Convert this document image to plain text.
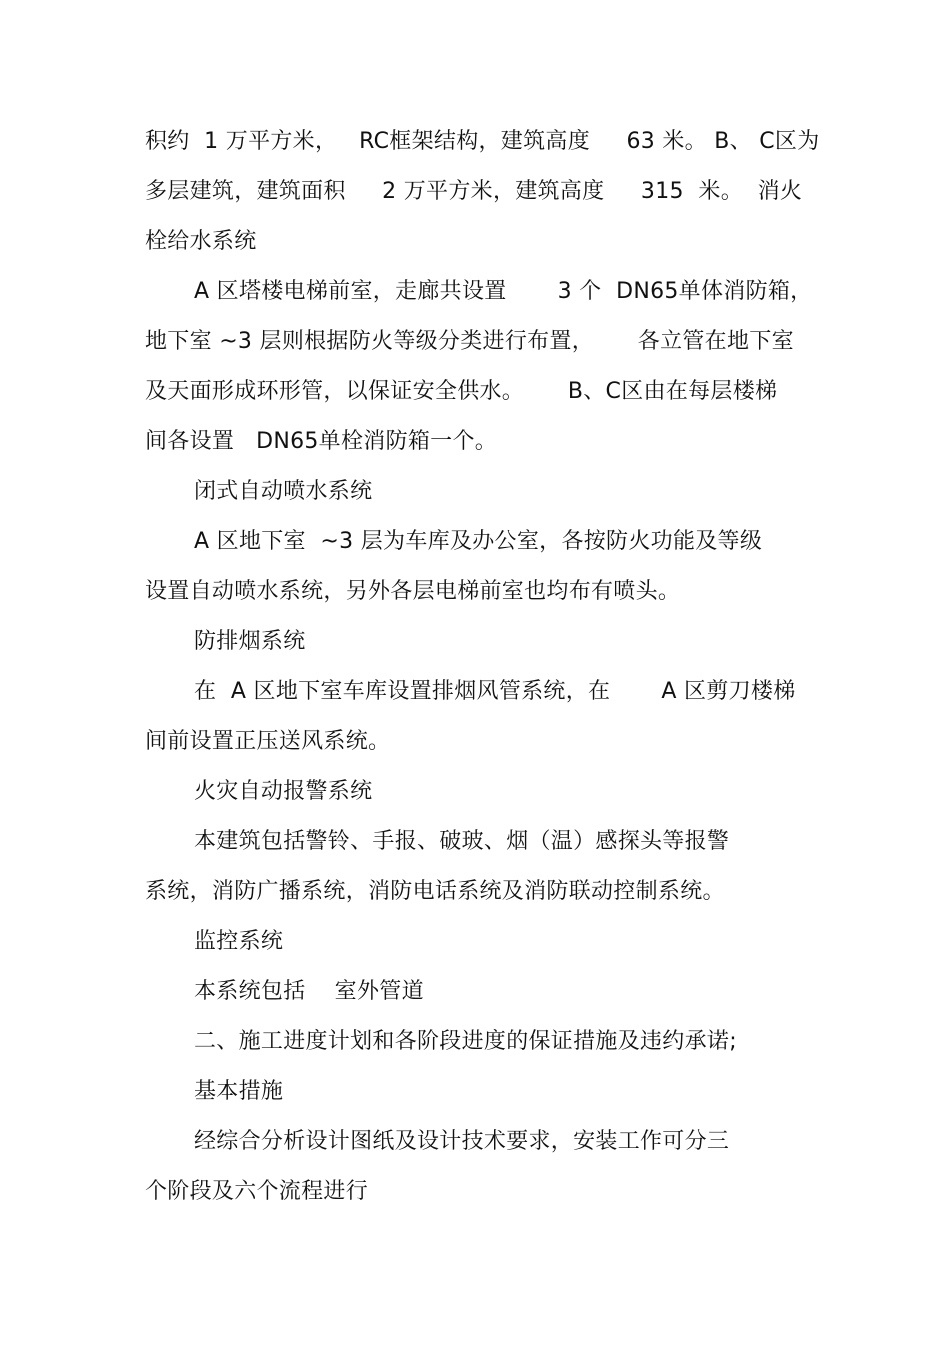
积约  1 万平方米，   RC框架结构，建筑高度     63 米。 B、 C区为
多层建筑，建筑面积     2 万平方米，建筑高度     315  米。  消火
栓给水系统
A 区塔楼电梯前室，走廊共设置       3 个  DN65单体消防箱，
地下室 ~3 层则根据防火等级分类进行布置，      各立管在地下室
及天面形成环形管，以保证安全供水。      B、C区由在每层楼梯
间各设置   DN65单栓消防箱一个。
闭式自动喷水系统
A 区地下室  ~3 层为车库及办公室，各按防火功能及等级
设置自动喷水系统，另外各层电梯前室也均布有喷头。
防排烟系统
在  A 区地下室车库设置排烟风管系统，在       A 区剪刀楼梯
间前设置正压送风系统。
火灾自动报警系统
本建筑包括警铃、手报、破玻、烟（温）感探头等报警
系统，消防广播系统，消防电话系统及消防联动控制系统。
监控系统
本系统包括    室外管道
二、施工进度计划和各阶段进度的保证措施及违约承诺;
基本措施
经综合分析设计图纸及设计技术要求，安装工作可分三
个阶段及六个流程进行
